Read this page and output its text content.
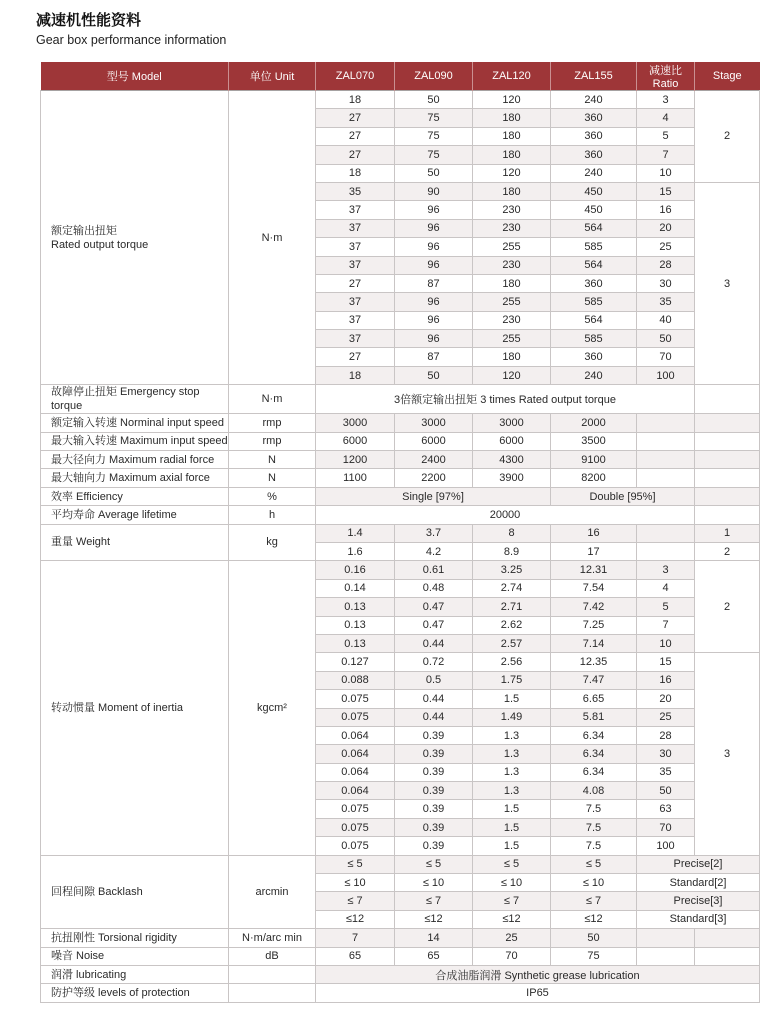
减速机性能资料
Gear box performance information
型号 Model	单位 Unit	ZAL070	ZAL090	ZAL120	ZAL155	减速比 Ratio	Stage

额定输出扭矩
Rated output torque	N·m	18	50	120	240	3	2
		27	75	180	360	4	
		27	75	180	360	5	
		27	75	180	360	7	
		18	50	120	240	10	
		35	90	180	450	15	3
		37	96	230	450	16	
		37	96	230	564	20	
		37	96	255	585	25	
		37	96	230	564	28	
		27	87	180	360	30	
		37	96	255	585	35	
		37	96	230	564	40	
		37	96	255	585	50	
		27	87	180	360	70	
		18	50	120	240	100	

故障停止扭矩 Emergency stop torque	N·m	3倍额定输出扭矩 3 times Rated output torque					

额定输入转速 Norminal input speed	rmp	3000	3000	3000	2000		

最大输入转速 Maximum input speed	rmp	6000	6000	6000	3500		

最大径向力 Maximum radial force	N	1200	2400	4300	9100		

最大轴向力 Maximum axial force	N	1100	2200	3900	8200		

效率 Efficiency	%	Single [97%]			Double [95%]		

平均寿命 Average lifetime	h	20000					

重量 Weight	kg	1.4	3.7	8	16		1
		1.6	4.2	8.9	17		2

转动惯量 Moment of inertia	kgcm²	0.16	0.61	3.25	12.31	3	2
		0.14	0.48	2.74	7.54	4	
		0.13	0.47	2.71	7.42	5	
		0.13	0.47	2.62	7.25	7	
		0.13	0.44	2.57	7.14	10	
		0.127	0.72	2.56	12.35	15	3
		0.088	0.5	1.75	7.47	16	
		0.075	0.44	1.5	6.65	20	
		0.075	0.44	1.49	5.81	25	
		0.064	0.39	1.3	6.34	28	
		0.064	0.39	1.3	6.34	30	
		0.064	0.39	1.3	6.34	35	
		0.064	0.39	1.3	4.08	50	
		0.075	0.39	1.5	7.5	63	
		0.075	0.39	1.5	7.5	70	
		0.075	0.39	1.5	7.5	100	

回程间隙 Backlash	arcmin	≤ 5	≤ 5	≤ 5	≤ 5	Precise[2]	
		≤ 10	≤ 10	≤ 10	≤ 10	Standard[2]	
		≤ 7	≤ 7	≤ 7	≤ 7	Precise[3]	
		≤12	≤12	≤12	≤12	Standard[3]	

抗扭刚性 Torsional rigidity	N·m/arc min	7	14	25	50		

噪音 Noise	dB	65	65	70	75		

润滑 lubricating		合成油脂润滑 Synthetic grease lubrication					

防护等级 levels of protection		IP65					
